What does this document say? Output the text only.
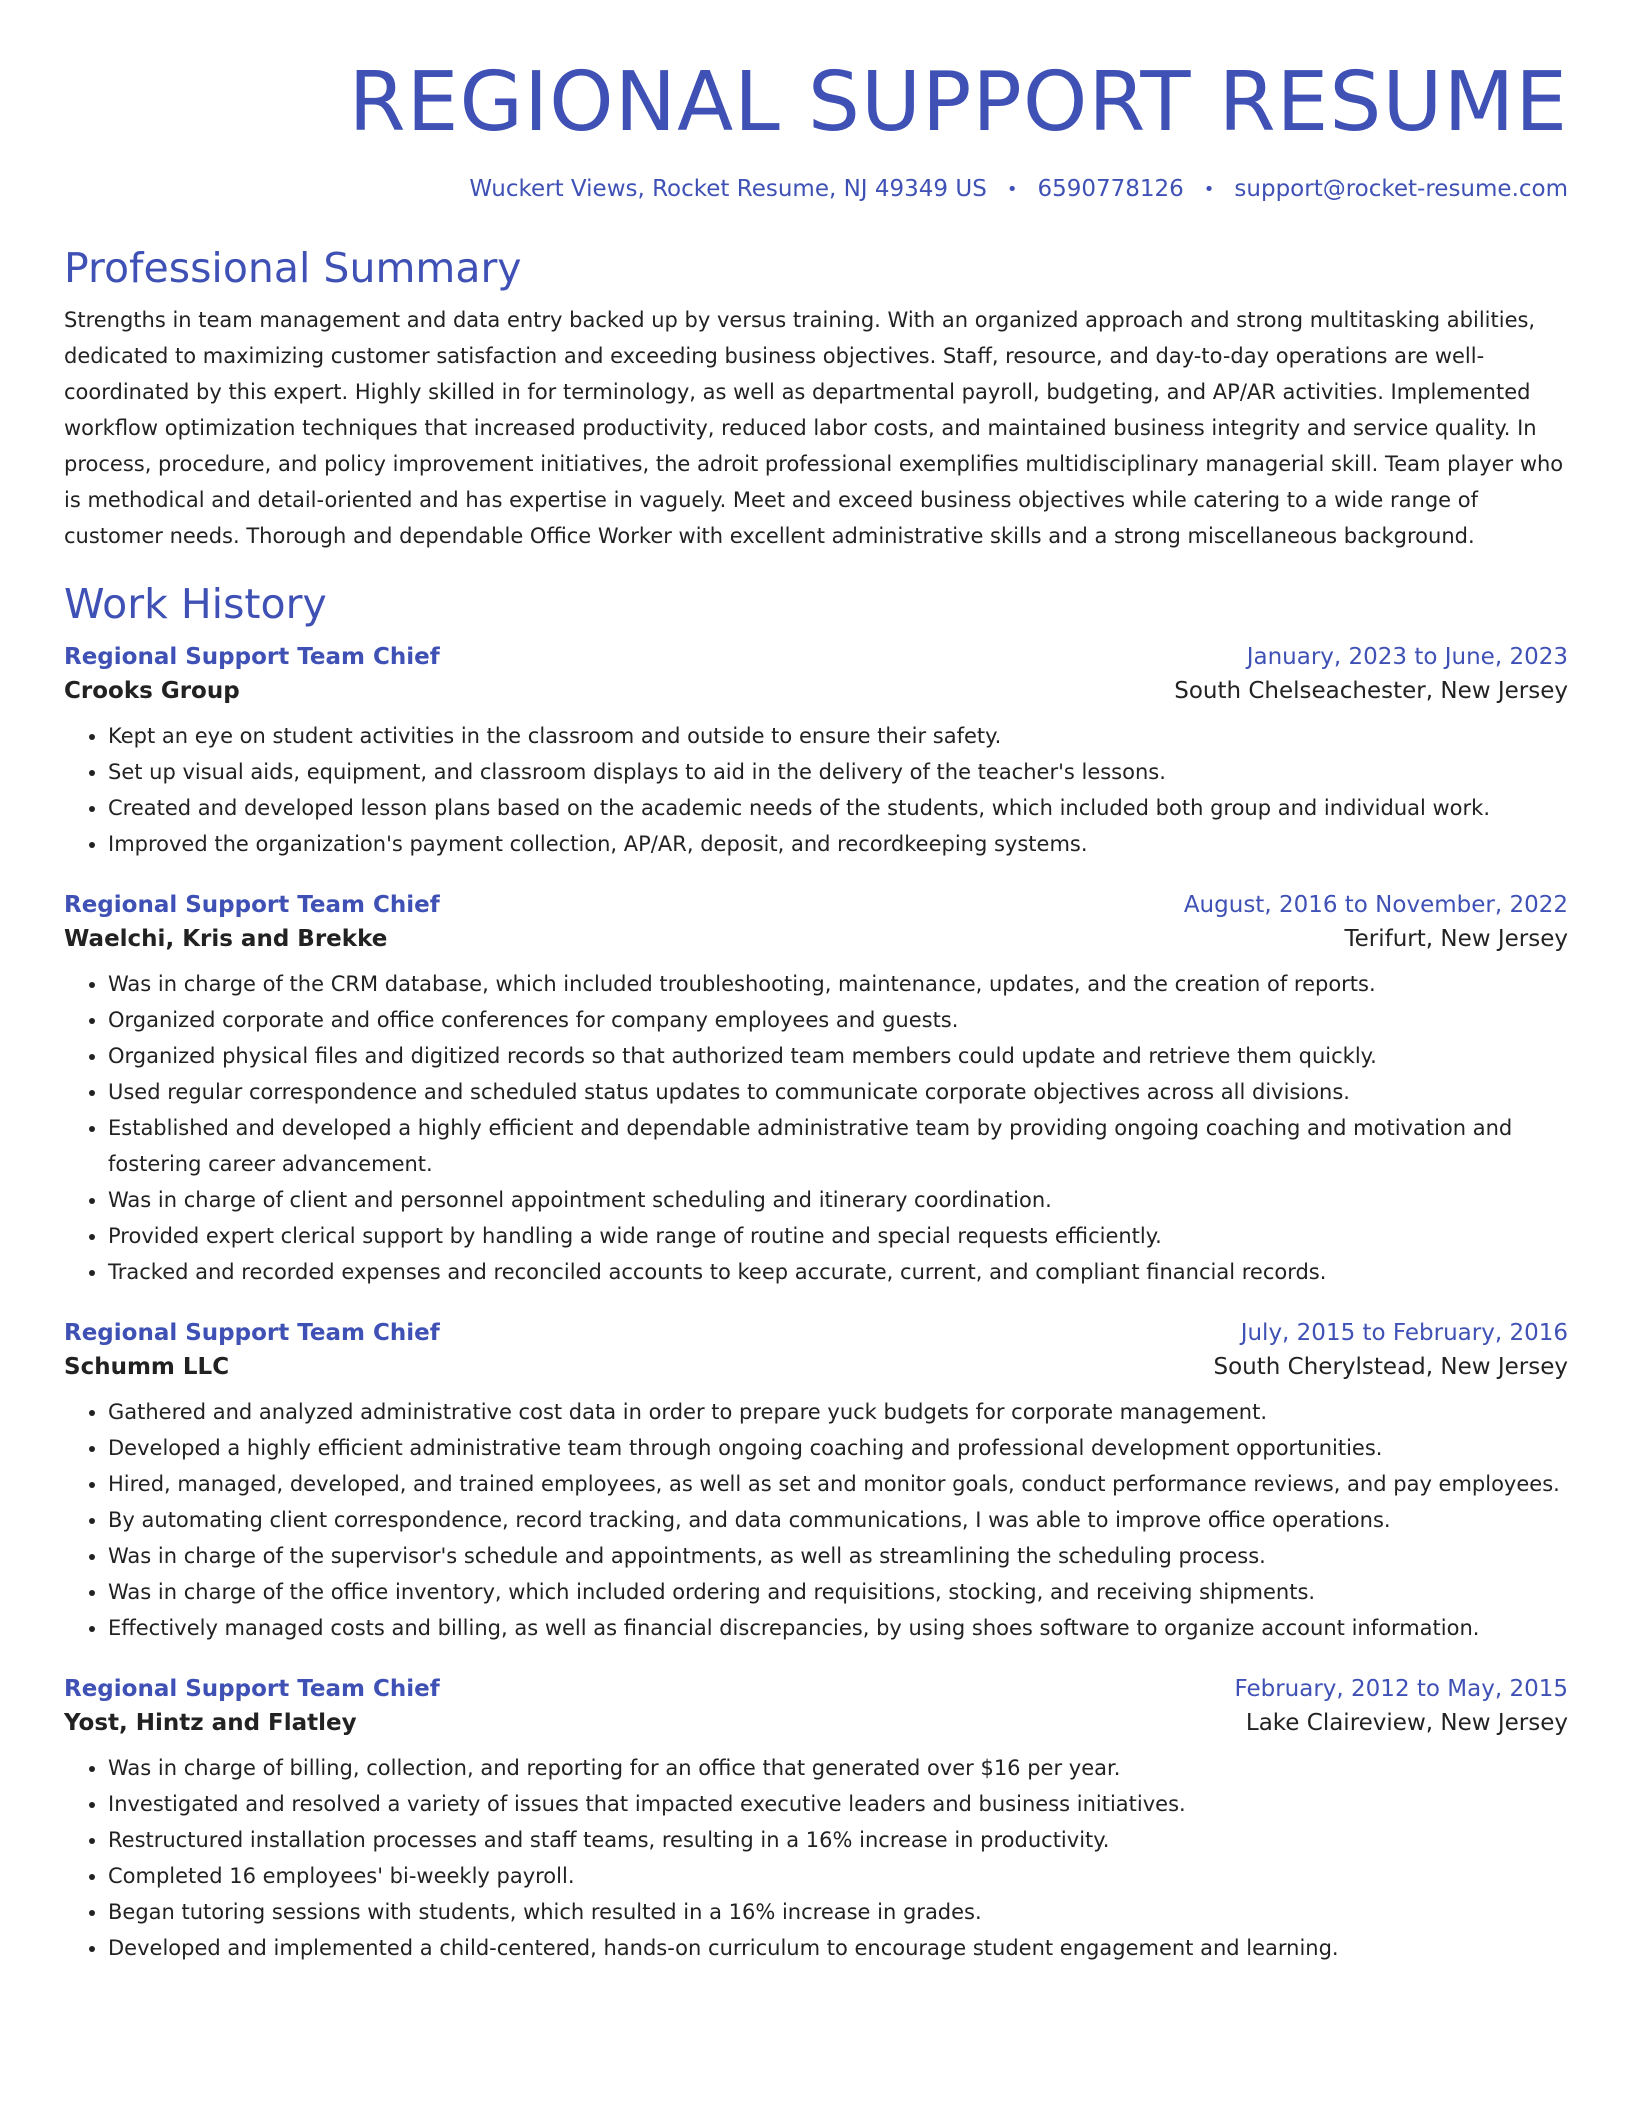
REGIONAL SUPPORT RESUME
Wuckert Views, Rocket Resume, NJ 49349 US • 6590778126 • support@rocket-resume.com
Professional Summary

Strengths in team management and data entry backed up by versus training. With an organized approach and strong multitasking abilities, dedicated to maximizing customer satisfaction and exceeding business objectives. Staff, resource, and day-to-day operations are well-coordinated by this expert. Highly skilled in for terminology, as well as departmental payroll, budgeting, and AP/AR activities. Implemented workflow optimization techniques that increased productivity, reduced labor costs, and maintained business integrity and service quality. In process, procedure, and policy improvement initiatives, the adroit professional exemplifies multidisciplinary managerial skill. Team player who is methodical and detail-oriented and has expertise in vaguely. Meet and exceed business objectives while catering to a wide range of customer needs. Thorough and dependable Office Worker with excellent administrative skills and a strong miscellaneous background.

Work History
Regional Support Team Chief	January, 2023 to June, 2023
Crooks Group	South Chelseachester, New Jersey
• Kept an eye on student activities in the classroom and outside to ensure their safety.
• Set up visual aids, equipment, and classroom displays to aid in the delivery of the teacher's lessons.
• Created and developed lesson plans based on the academic needs of the students, which included both group and individual work.
• Improved the organization's payment collection, AP/AR, deposit, and recordkeeping systems.
Regional Support Team Chief	August, 2016 to November, 2022
Waelchi, Kris and Brekke	Terifurt, New Jersey
• Was in charge of the CRM database, which included troubleshooting, maintenance, updates, and the creation of reports.
• Organized corporate and office conferences for company employees and guests.
• Organized physical files and digitized records so that authorized team members could update and retrieve them quickly.
• Used regular correspondence and scheduled status updates to communicate corporate objectives across all divisions.
• Established and developed a highly efficient and dependable administrative team by providing ongoing coaching and motivation and fostering career advancement.
• Was in charge of client and personnel appointment scheduling and itinerary coordination.
• Provided expert clerical support by handling a wide range of routine and special requests efficiently.
• Tracked and recorded expenses and reconciled accounts to keep accurate, current, and compliant financial records.
Regional Support Team Chief	July, 2015 to February, 2016
Schumm LLC	South Cherylstead, New Jersey
• Gathered and analyzed administrative cost data in order to prepare yuck budgets for corporate management.
• Developed a highly efficient administrative team through ongoing coaching and professional development opportunities.
• Hired, managed, developed, and trained employees, as well as set and monitor goals, conduct performance reviews, and pay employees.
• By automating client correspondence, record tracking, and data communications, I was able to improve office operations.
• Was in charge of the supervisor's schedule and appointments, as well as streamlining the scheduling process.
• Was in charge of the office inventory, which included ordering and requisitions, stocking, and receiving shipments.
• Effectively managed costs and billing, as well as financial discrepancies, by using shoes software to organize account information.
Regional Support Team Chief	February, 2012 to May, 2015
Yost, Hintz and Flatley	Lake Claireview, New Jersey
• Was in charge of billing, collection, and reporting for an office that generated over $16 per year.
• Investigated and resolved a variety of issues that impacted executive leaders and business initiatives.
• Restructured installation processes and staff teams, resulting in a 16% increase in productivity.
• Completed 16 employees' bi-weekly payroll.
• Began tutoring sessions with students, which resulted in a 16% increase in grades.
• Developed and implemented a child-centered, hands-on curriculum to encourage student engagement and learning.
